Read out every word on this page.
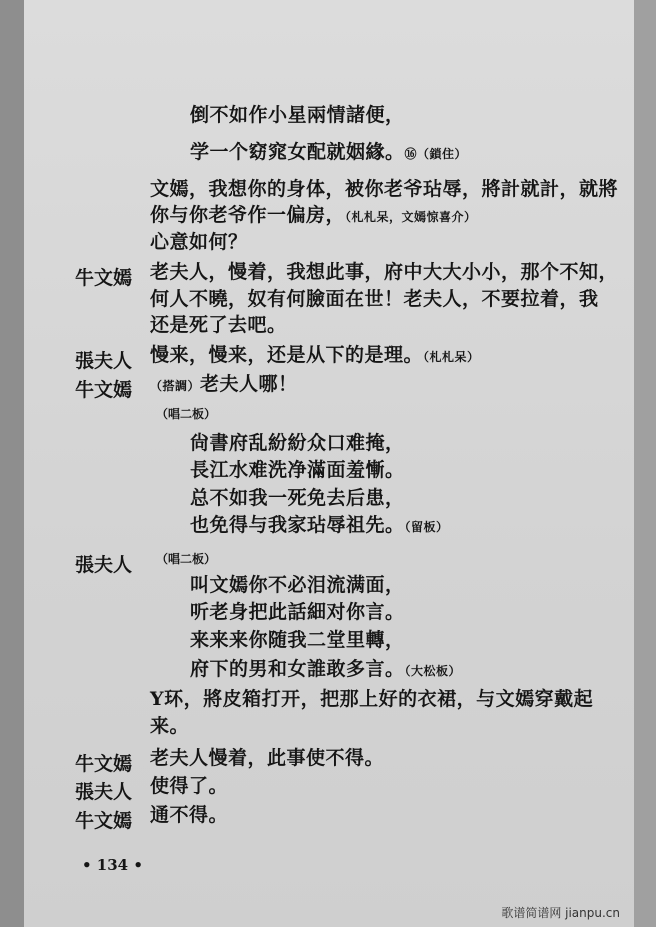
倒不如作小星兩情諸便，
学一个窈窕女配就姻緣。⑯（鎖住）
文嫣，我想你的身体，被你老爷玷辱，將計就計，就將
你与你老爷作一偏房，（札札呆，文嫣惊喜介）
心意如何？
牛文嫣 老夫人，慢着，我想此事，府中大大小小，那个不知，
何人不曉，奴有何臉面在世！老夫人，不要拉着，我
还是死了去吧。
張夫人 慢来，慢来，还是从下的是理。（札札呆）
牛文嫣 （搭調）老夫人哪！
（唱二板）
尙書府乱紛紛众口难掩，
長江水难洗净滿面羞慚。
总不如我一死免去后患，
也免得与我家玷辱祖先。（留板）
張夫人 （唱二板）
叫文嫣你不必泪流满面，
听老身把此話細对你言。
来来来你随我二堂里轉，
府下的男和女誰敢多言。（大松板）
Y环，將皮箱打开，把那上好的衣裙，与文嫣穿戴起
来。
牛文嫣 老夫人慢着，此事使不得。
張夫人 使得了。
牛文嫣 通不得。
• 134 •
歌谱简谱网 jianpu.cn
